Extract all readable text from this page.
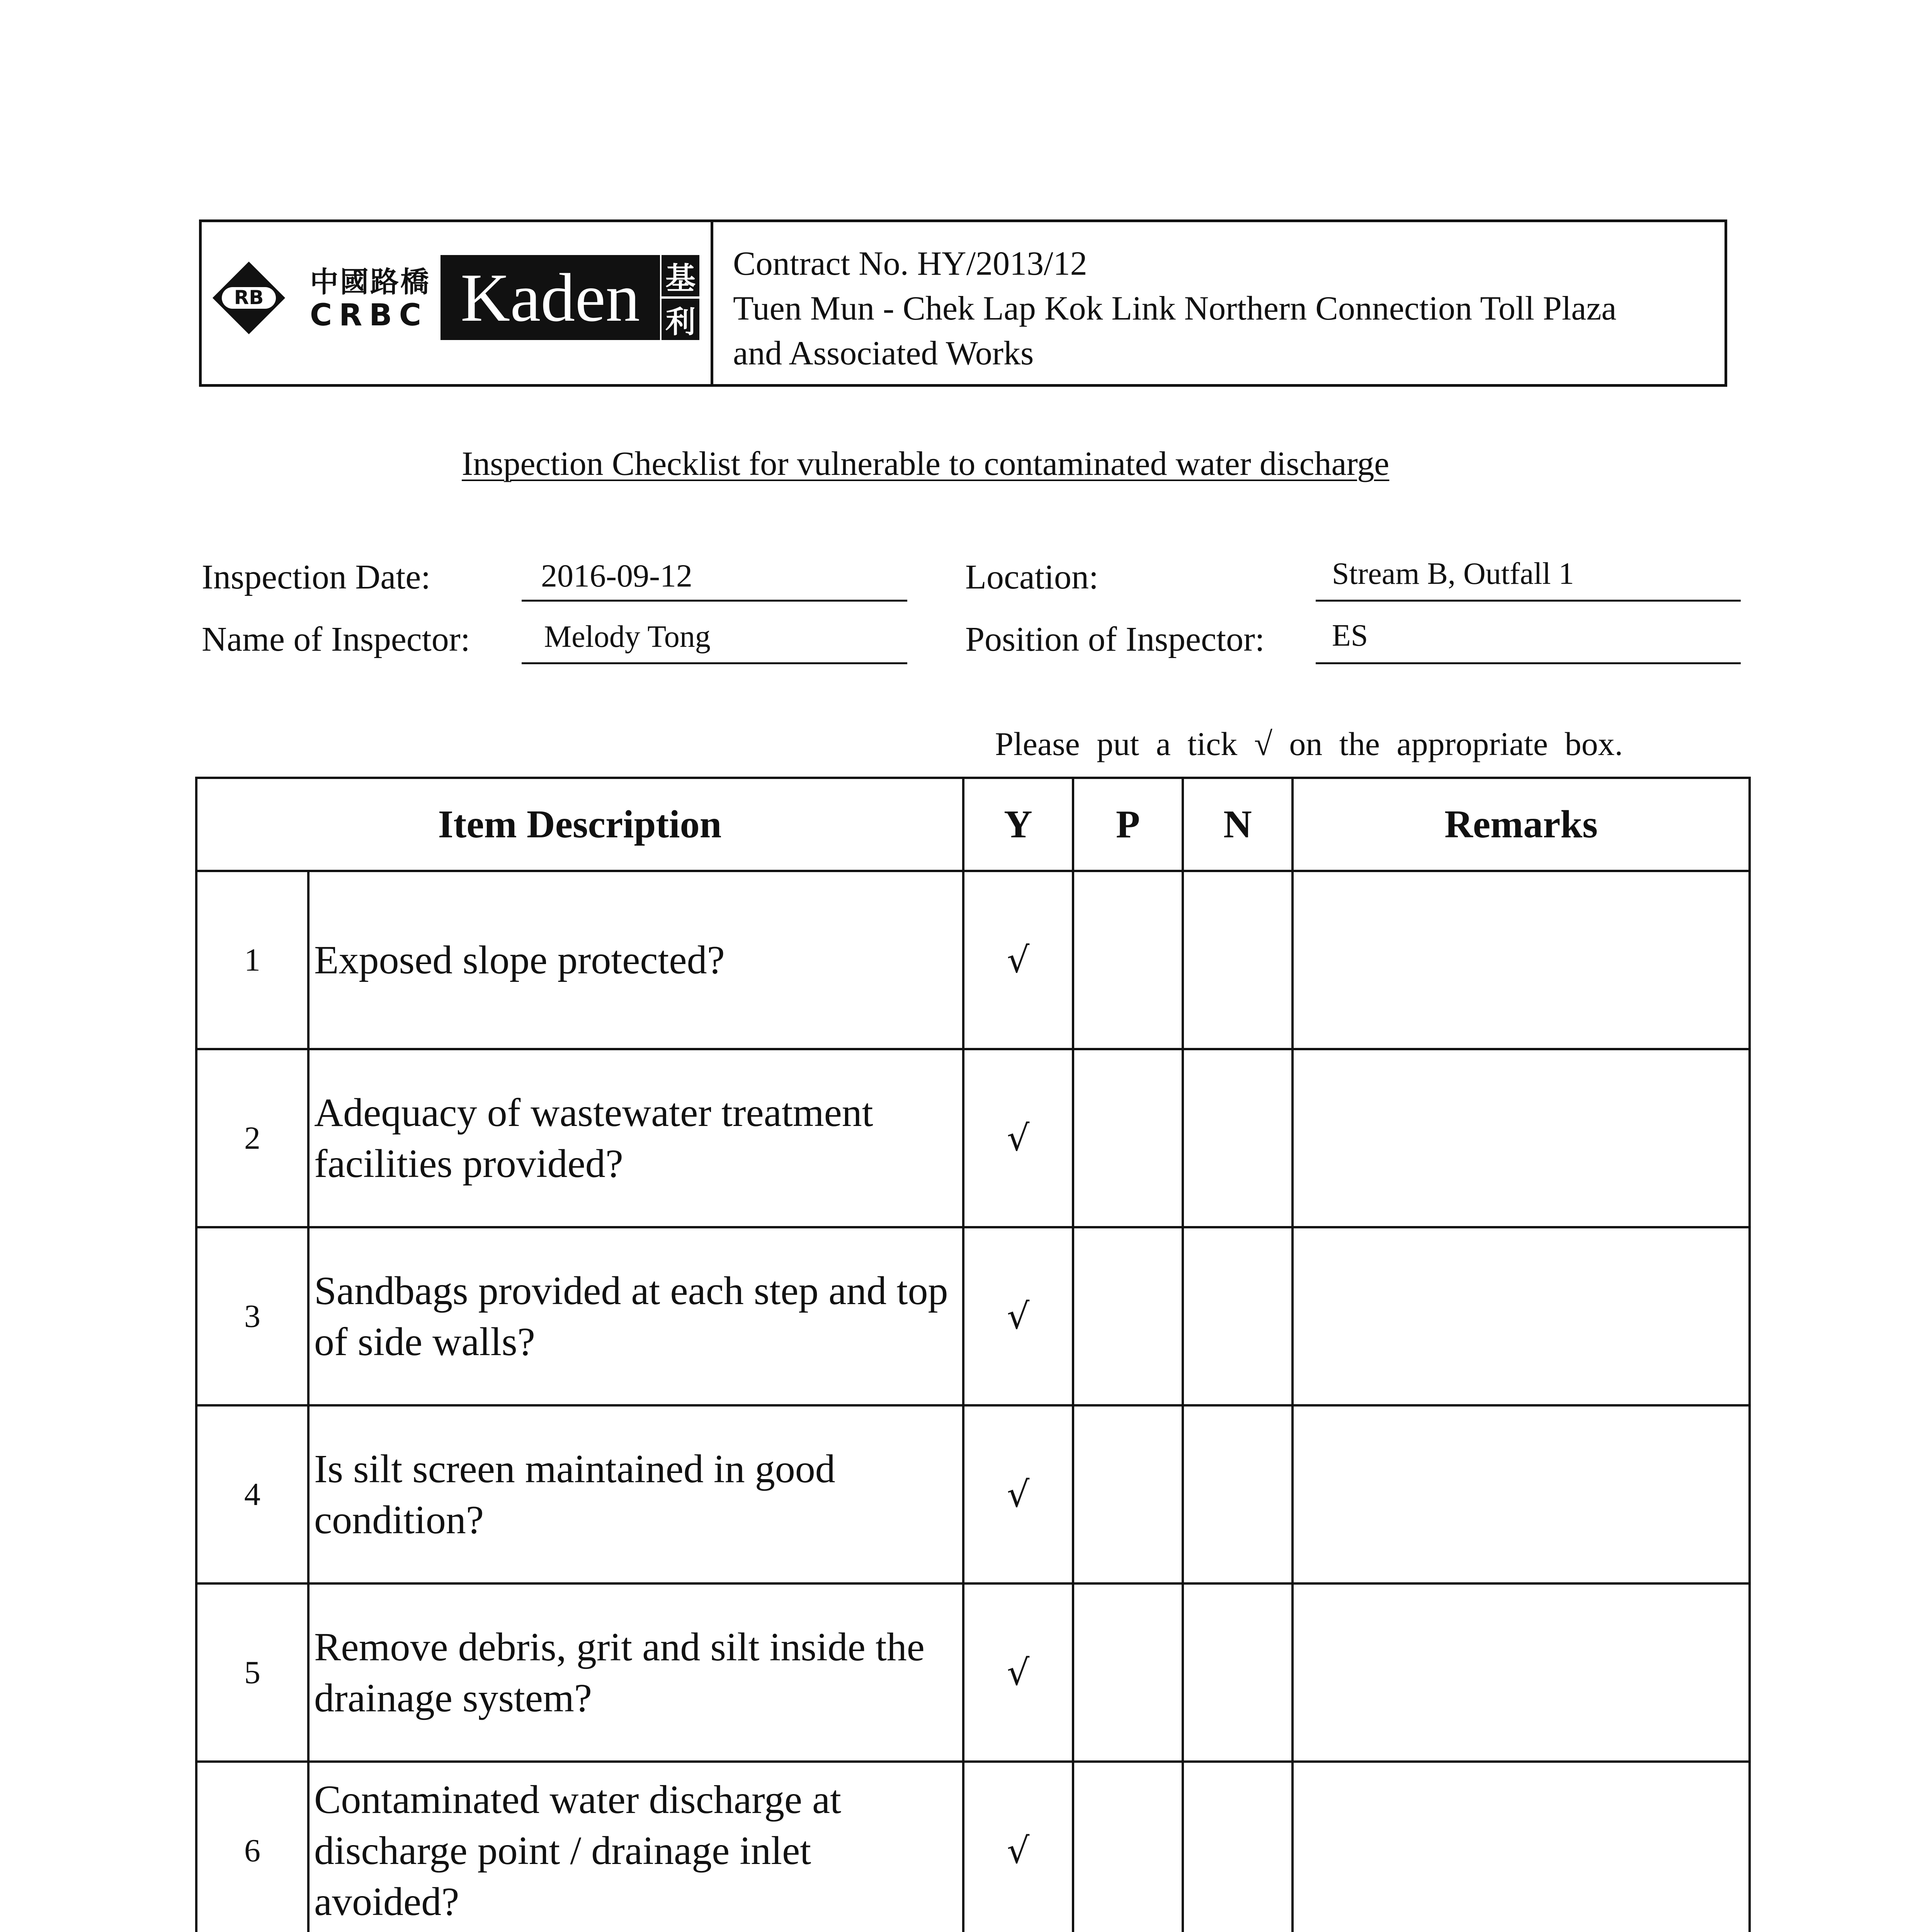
RB 中國路橋
CRBC Kaden 基
利
Contract No. HY/2013/12
Tuen Mun - Chek Lap Kok Link Northern Connection Toll Plaza
and Associated Works
Inspection Checklist for vulnerable to contaminated water discharge
Inspection Date:	2016-09-12	Location:	Stream B, Outfall 1
Name of Inspector: Melody Tong	Position of Inspector: ES
Please put a tick √ on the appropriate box.
Item Description		Y	P	N	Remarks
1	Exposed slope protected?	√			
2	Adequacy of wastewater treatment facilities provided?	√			
3	Sandbags provided at each step and top of side walls?	√			
4	Is silt screen maintained in good condition?	√			
5	Remove debris, grit and silt inside the drainage system?	√			
6	Contaminated water discharge at discharge point / drainage inlet avoided?	√			
